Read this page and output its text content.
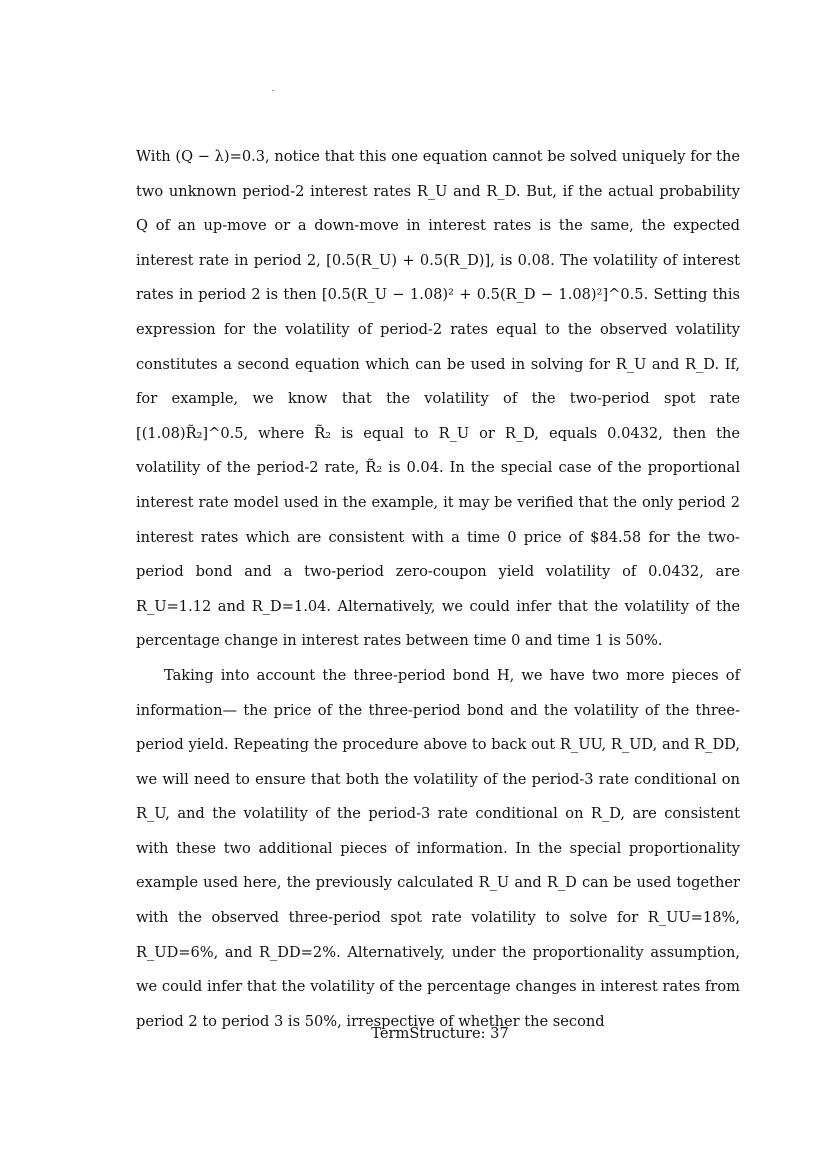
With (Q − λ)=0.3, notice that this one equation cannot be solved uniquely for the two unknown period-2 interest rates R_U and R_D. But, if the actual probability Q of an up-move or a down-move in interest rates is the same, the expected interest rate in period 2, [0.5(R_U) + 0.5(R_D)], is 0.08. The volatility of interest rates in period 2 is then [0.5(R_U − 1.08)² + 0.5(R_D − 1.08)²]^0.5. Setting this expression for the volatility of period-2 rates equal to the observed volatility constitutes a second equation which can be used in solving for R_U and R_D. If, for example, we know that the volatility of the two-period spot rate [(1.08)R̃₂]^0.5, where R̃₂ is equal to R_U or R_D, equals 0.0432, then the volatility of the period-2 rate, R̃₂ is 0.04. In the special case of the proportional interest rate model used in the example, it may be verified that the only period 2 interest rates which are consistent with a time 0 price of $84.58 for the two-period bond and a two-period zero-coupon yield volatility of 0.0432, are R_U=1.12 and R_D=1.04. Alternatively, we could infer that the volatility of the percentage change in interest rates between time 0 and time 1 is 50%.

Taking into account the three-period bond H, we have two more pieces of information— the price of the three-period bond and the volatility of the three-period yield. Repeating the procedure above to back out R_UU, R_UD, and R_DD, we will need to ensure that both the volatility of the period-3 rate conditional on R_U, and the volatility of the period-3 rate conditional on R_D, are consistent with these two additional pieces of information. In the special proportionality example used here, the previously calculated R_U and R_D can be used together with the observed three-period spot rate volatility to solve for R_UU=18%, R_UD=6%, and R_DD=2%. Alternatively, under the proportionality assumption, we could infer that the volatility of the percentage changes in interest rates from period 2 to period 3 is 50%, irrespective of whether the second

TermStructure: 37
